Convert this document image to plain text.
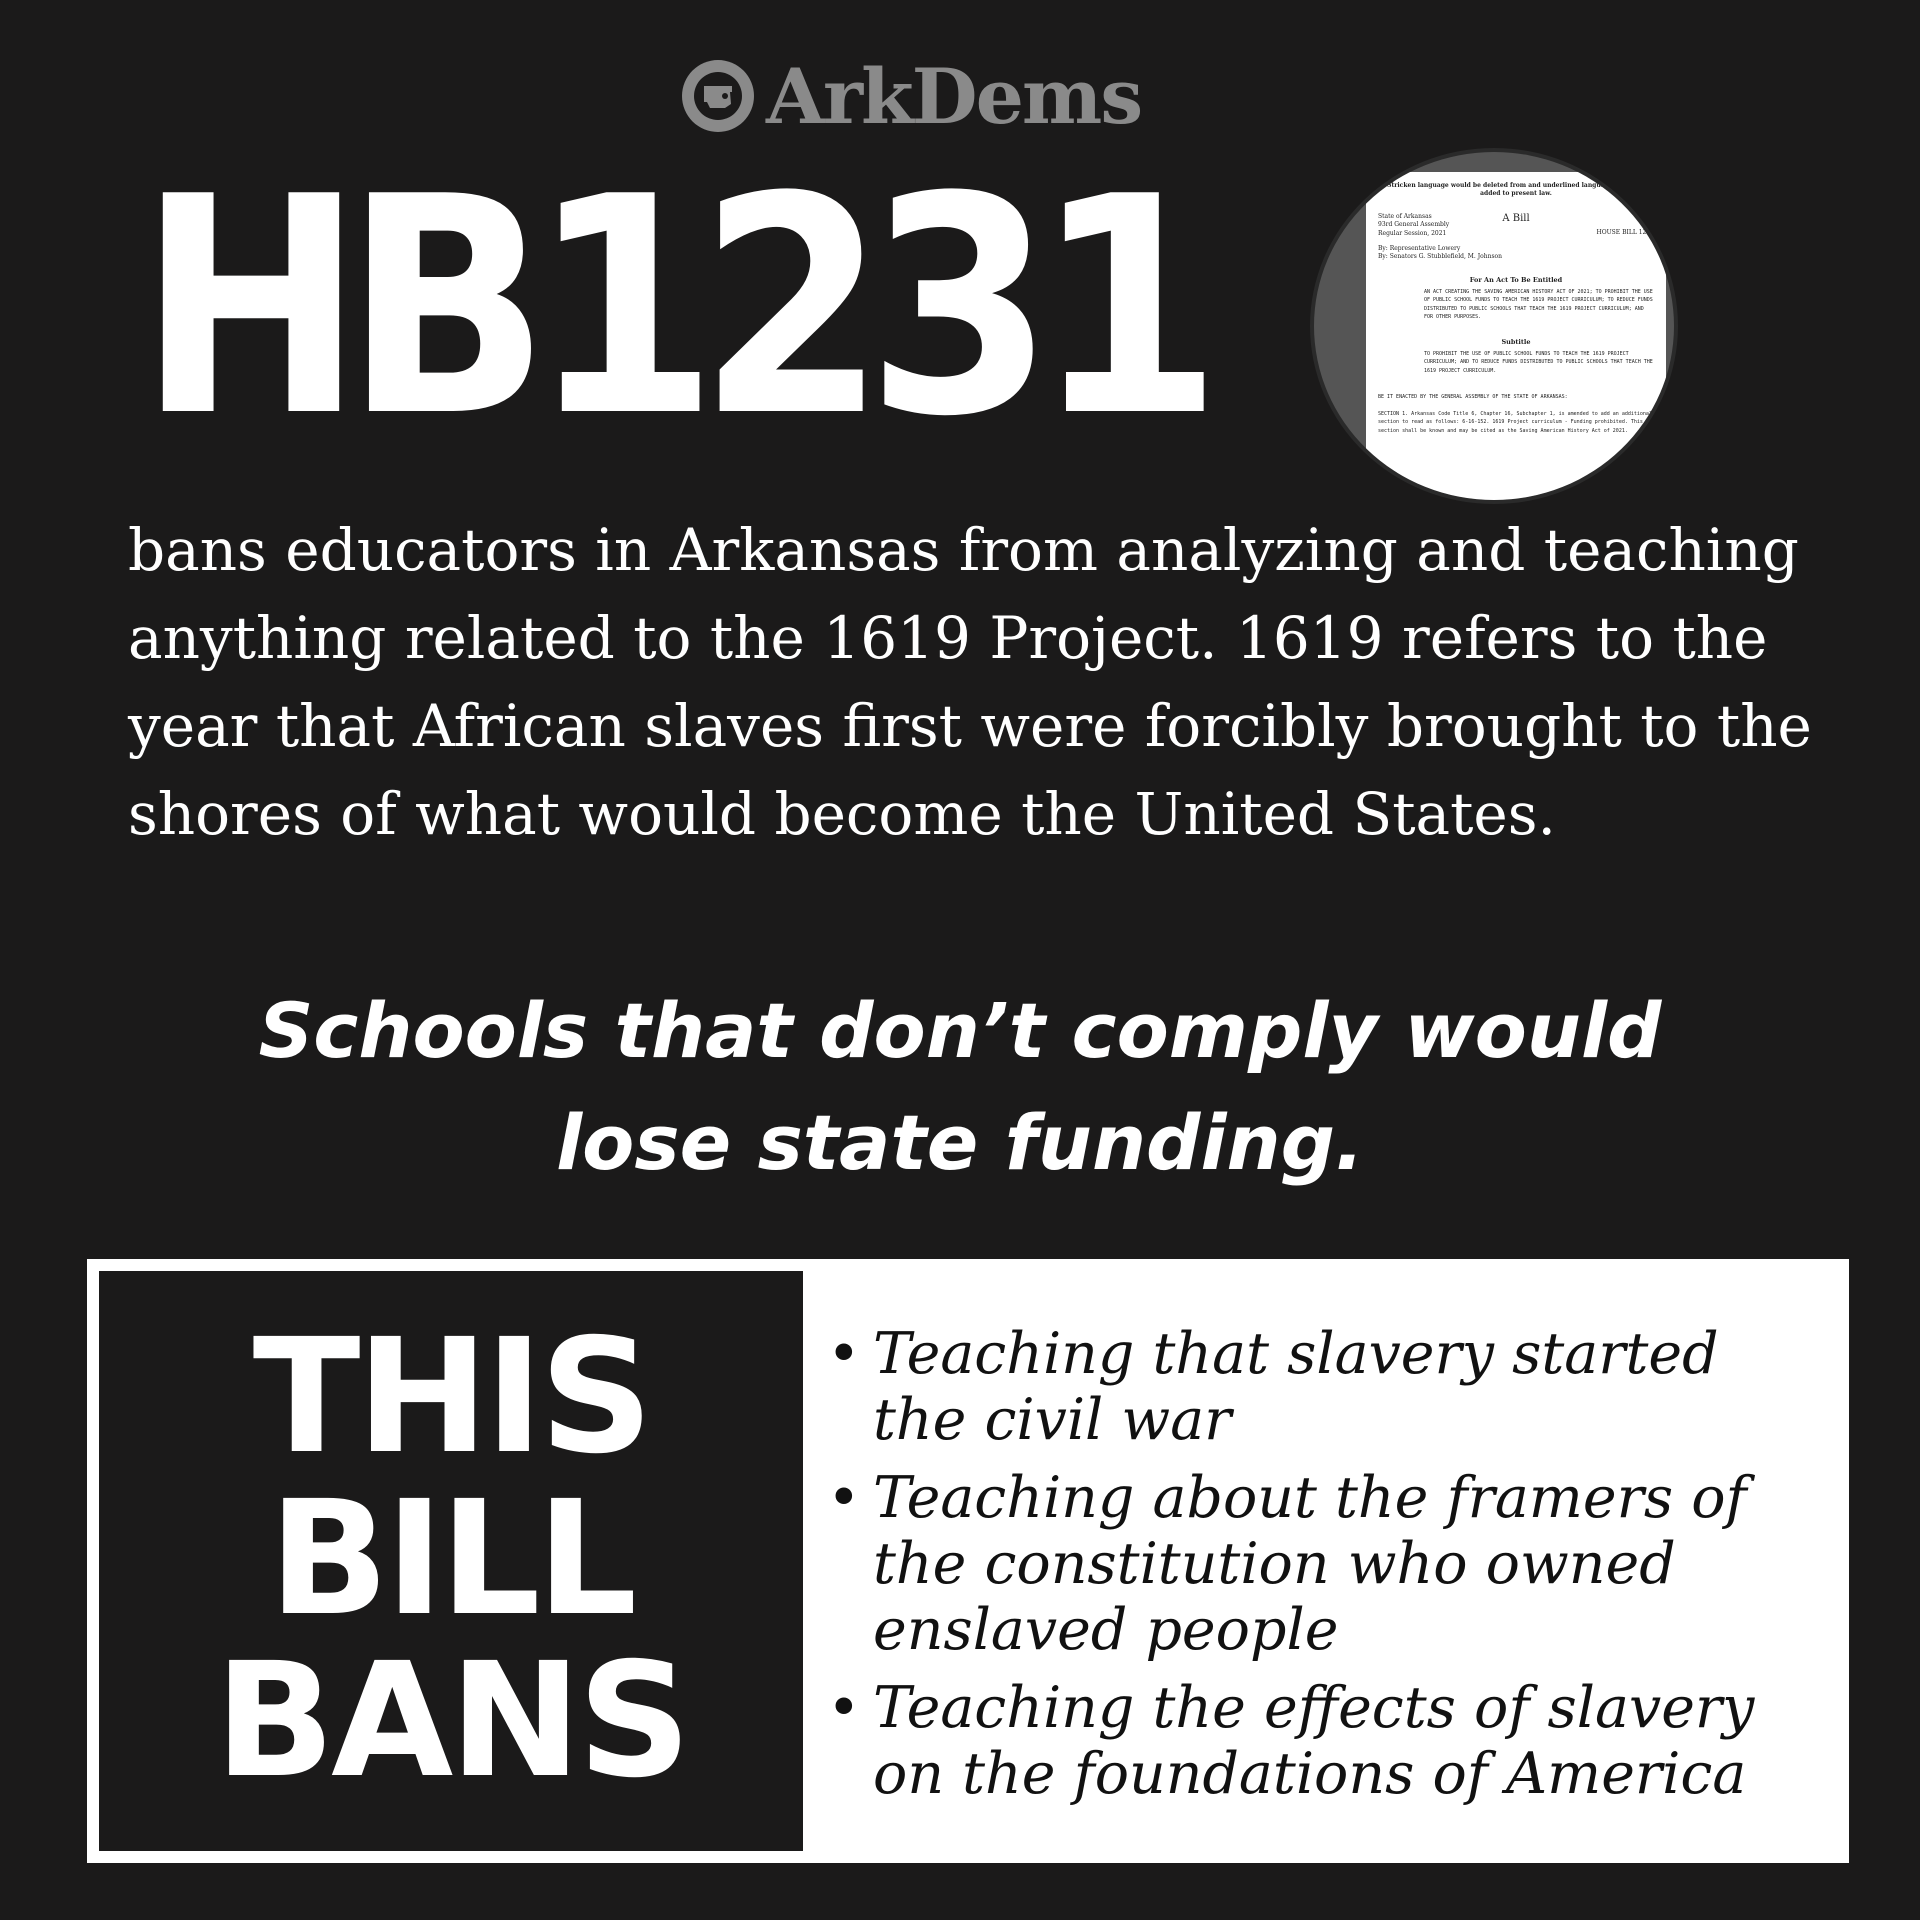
ArkDems
HB1231	Stricken language would be deleted from and underlined language would be added to present law.
State of Arkansas
93rd General Assembly
Regular Session, 2021
A Bill
HOUSE BILL 1231
By: Representative Lowery
By: Senators G. Stubblefield, M. Johnson
For An Act To Be Entitled
AN ACT CREATING THE SAVING AMERICAN HISTORY ACT OF 2021; TO PROHIBIT THE USE OF PUBLIC SCHOOL FUNDS TO TEACH THE 1619 PROJECT CURRICULUM; TO REDUCE FUNDS DISTRIBUTED TO PUBLIC SCHOOLS THAT TEACH THE 1619 PROJECT CURRICULUM; AND FOR OTHER PURPOSES.
Subtitle
TO PROHIBIT THE USE OF PUBLIC SCHOOL FUNDS TO TEACH THE 1619 PROJECT CURRICULUM; AND TO REDUCE FUNDS DISTRIBUTED TO PUBLIC SCHOOLS THAT TEACH THE 1619 PROJECT CURRICULUM.
BE IT ENACTED BY THE GENERAL ASSEMBLY OF THE STATE OF ARKANSAS:
SECTION 1. Arkansas Code Title 6, Chapter 16, Subchapter 1, is amended to add an additional section to read as follows: 6-16-152. 1619 Project curriculum - Funding prohibited. This section shall be known and may be cited as the Saving American History Act of 2021.
bans educators in Arkansas from analyzing and teaching anything related to the 1619 Project. 1619 refers to the year that African slaves first were forcibly brought to the shores of what would become the United States.
Schools that don’t comply would lose state funding.
THIS
BILL
BANS
• Teaching that slavery started the civil war
• Teaching about the framers of the constitution who owned enslaved people
• Teaching the effects of slavery on the foundations of America
